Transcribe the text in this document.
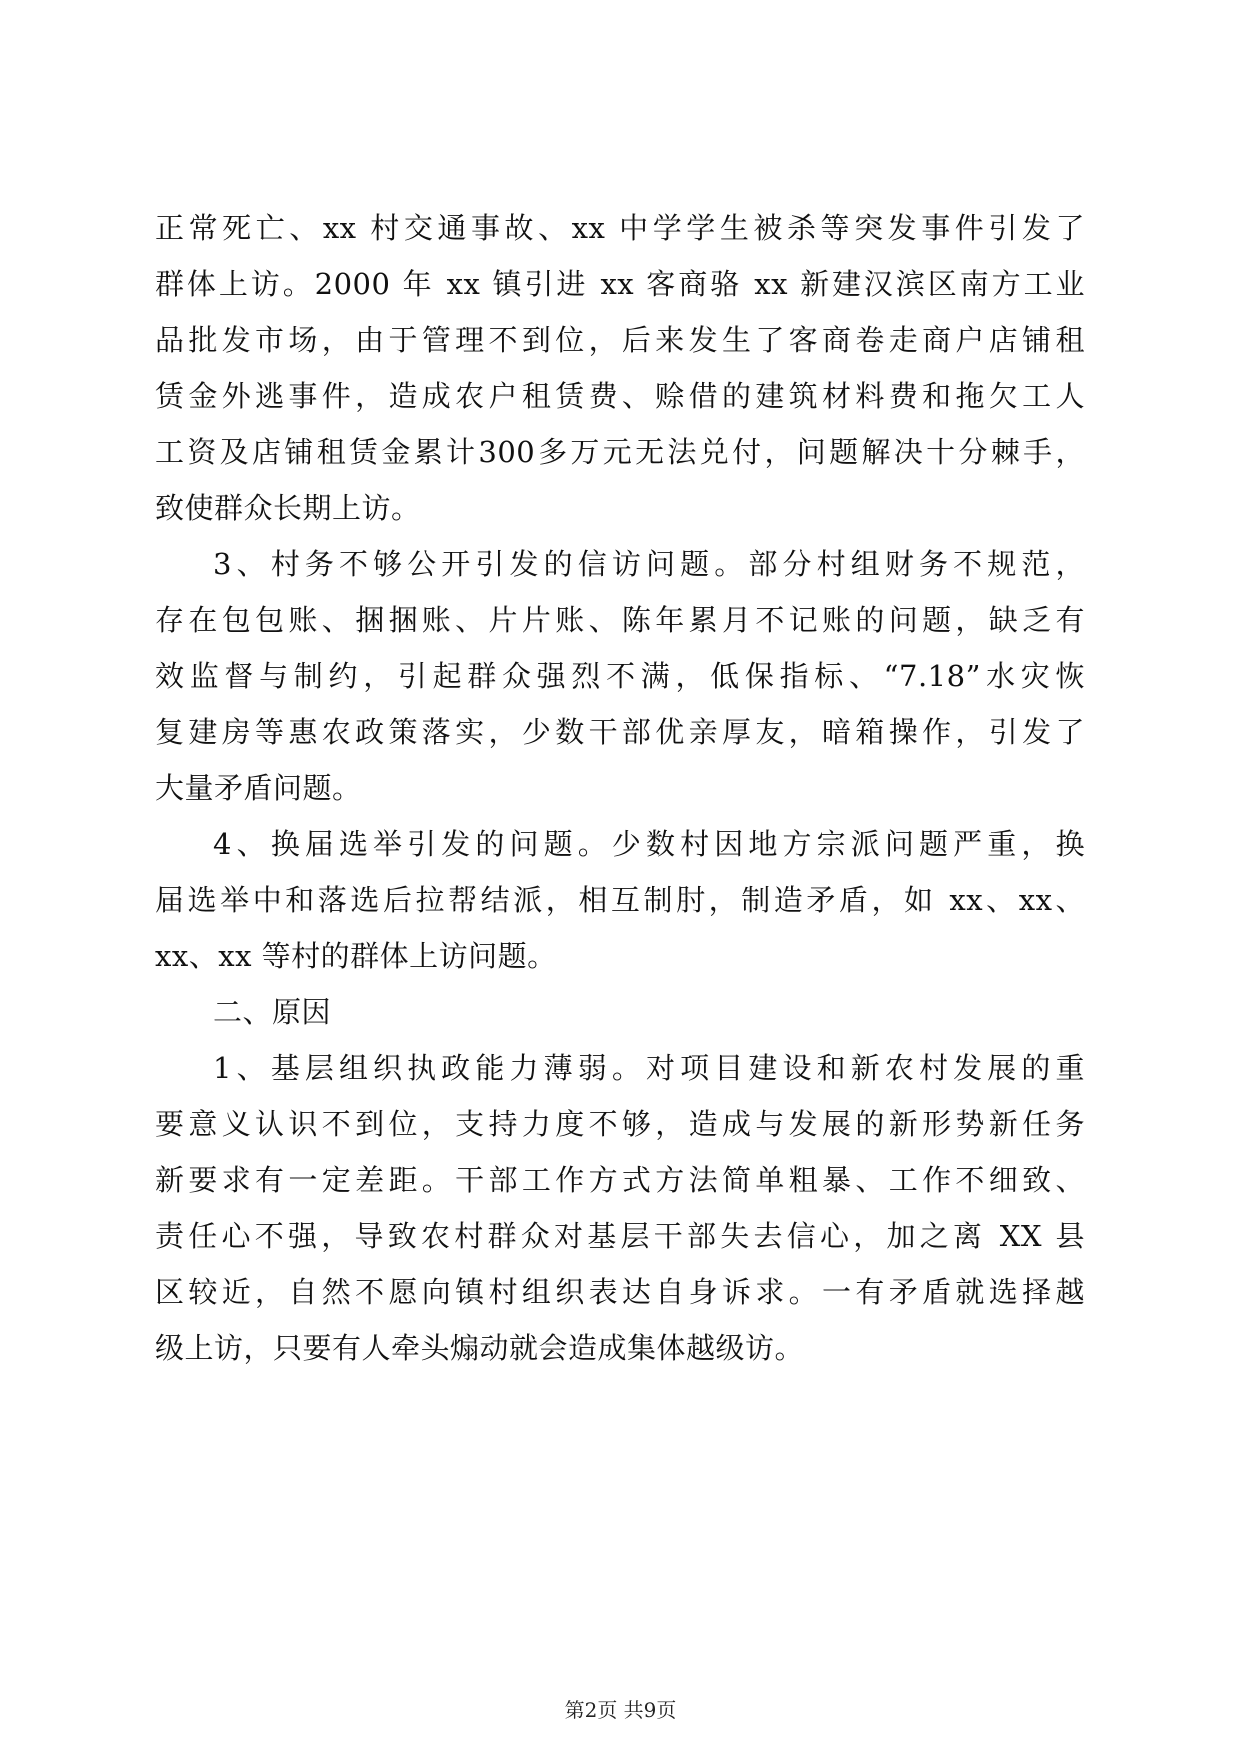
正常死亡、xx 村交通事故、xx 中学学生被杀等突发事件引发了
群体上访。2000 年 xx 镇引进 xx 客商骆 xx 新建汉滨区南方工业
品批发市场，由于管理不到位，后来发生了客商卷走商户店铺租
赁金外逃事件，造成农户租赁费、赊借的建筑材料费和拖欠工人
工资及店铺租赁金累计300多万元无法兑付，问题解决十分棘手，
致使群众长期上访。
3、村务不够公开引发的信访问题。部分村组财务不规范，
存在包包账、捆捆账、片片账、陈年累月不记账的问题，缺乏有
效监督与制约，引起群众强烈不满，低保指标、“7.18”水灾恢
复建房等惠农政策落实，少数干部优亲厚友，暗箱操作，引发了
大量矛盾问题。
4、换届选举引发的问题。少数村因地方宗派问题严重，换
届选举中和落选后拉帮结派，相互制肘，制造矛盾，如 xx、xx、
xx、xx 等村的群体上访问题。
二、原因
1、基层组织执政能力薄弱。对项目建设和新农村发展的重
要意义认识不到位，支持力度不够，造成与发展的新形势新任务
新要求有一定差距。干部工作方式方法简单粗暴、工作不细致、
责任心不强，导致农村群众对基层干部失去信心，加之离 XX 县
区较近，自然不愿向镇村组织表达自身诉求。一有矛盾就选择越
级上访，只要有人牵头煽动就会造成集体越级访。
第2页 共9页
